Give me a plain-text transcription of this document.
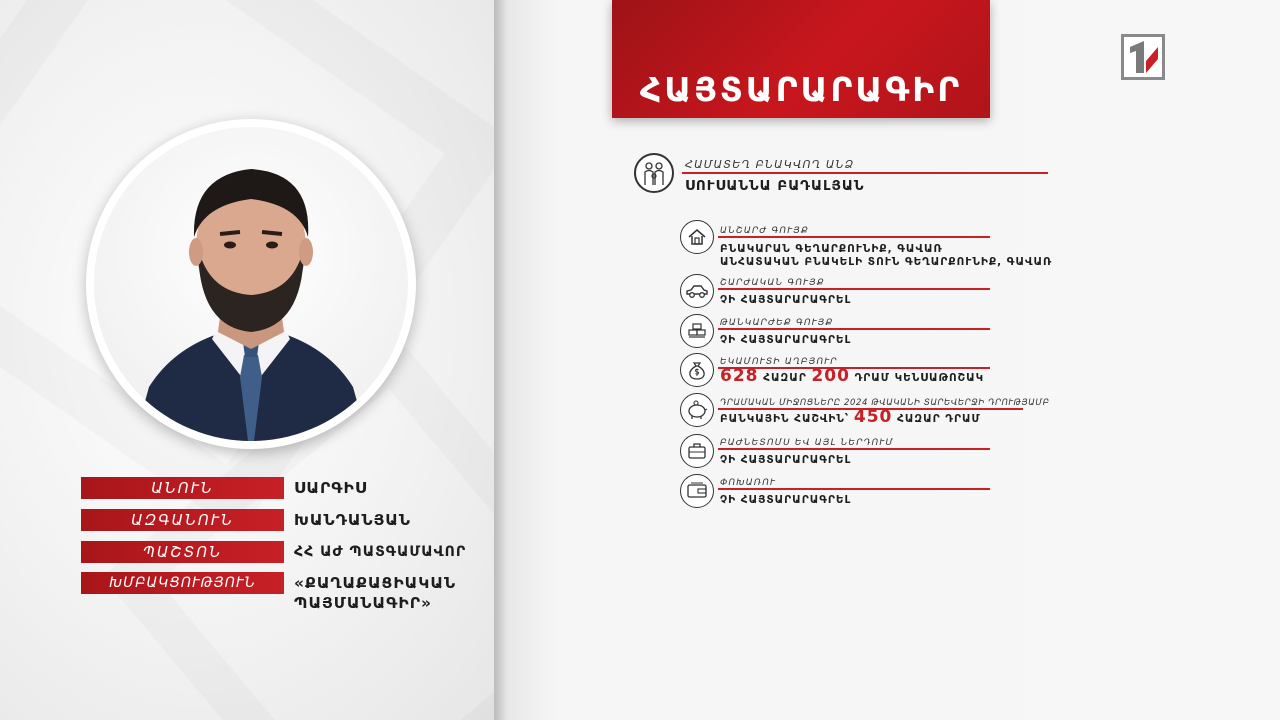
ԱՆՈՒՆ	ՍԱՐԳԻՍ
ԱԶԳԱՆՈՒՆ	ԽԱՆԴԱՆՅԱՆ
ՊԱՇՏՈՆ	ՀՀ ԱԺ ՊԱՏԳԱՄԱՎՈՐ
ԽՄԲԱԿՑՈՒԹՅՈՒՆ	«ՔԱՂԱՔԱՑԻԱԿԱՆ ՊԱՅՄԱՆԱԳԻՐ»
ՀԱՅՏԱՐԱՐԱԳԻՐ
ՀԱՄԱՏԵՂ ԲՆԱԿՎՈՂ ԱՆՁ
ՍՈՒՍԱՆՆԱ ԲԱԴԱԼՅԱՆ
ԱՆՇԱՐԺ ԳՈՒՅՔ
ԲՆԱԿԱՐԱՆ ԳԵՂԱՐՔՈՒՆԻՔ, ԳԱՎԱՌ
ԱՆՀԱՏԱԿԱՆ ԲՆԱԿԵԼԻ ՏՈՒՆ ԳԵՂԱՐՔՈՒՆԻՔ, ԳԱՎԱՌ
ՇԱՐԺԱԿԱՆ ԳՈՒՅՔ
ՉԻ ՀԱՅՏԱՐԱՐԱԳՐԵԼ
ԹԱՆԿԱՐԺԵՔ ԳՈՒՅՔ
ՉԻ ՀԱՅՏԱՐԱՐԱԳՐԵԼ
ԵԿԱՄՈՒՏԻ ԱՂԲՅՈՒՐ
628 ՀԱԶԱՐ 200 ԴՐԱՄ ԿԵՆՍԱԹՈՇԱԿ
ԴՐԱՄԱԿԱՆ ՄԻՋՈՑՆԵՐԸ 2024 ԹՎԱԿԱՆԻ ՏԱՐԵՎԵՐՋԻ ԴՐՈՒԹՅԱՄԲ
ԲԱՆԿԱՅԻՆ ՀԱՇՎԻՆ՝ 450 ՀԱԶԱՐ ԴՐԱՄ
ԲԱԺՆԵՏՈՄՍ ԵՎ ԱՅԼ ՆԵՐԴՈՒՄ
ՉԻ ՀԱՅՏԱՐԱՐԱԳՐԵԼ
ՓՈԽԱՌՈՒ
ՉԻ ՀԱՅՏԱՐԱՐԱԳՐԵԼ
